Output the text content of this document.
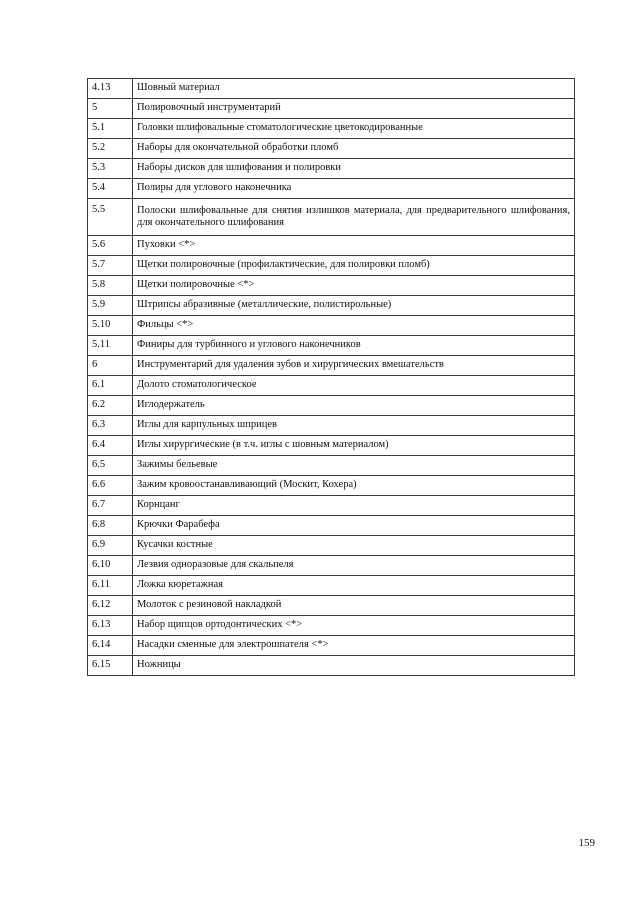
4.13	Шовный материал
5	Полировочный инструментарий
5.1	Головки шлифовальные стоматологические цветокодированные
5.2	Наборы для окончательной обработки пломб
5.3	Наборы дисков для шлифования и полировки
5.4	Полиры для углового наконечника
5.5	Полоски шлифовальные для снятия излишков материала, для предварительного шлифования, для окончательного шлифования
5.6	Пуховки <*>
5.7	Щетки полировочные (профилактические, для полировки пломб)
5.8	Щетки полировочные <*>
5.9	Штрипсы абразивные (металлические, полистирольные)
5.10	Фильцы <*>
5.11	Финиры для турбинного и углового наконечников
6	Инструментарий для удаления зубов и хирургических вмешательств
6.1	Долото стоматологическое
6.2	Иглодержатель
6.3	Иглы для карпульных шприцев
6.4	Иглы хирургические (в т.ч. иглы с шовным материалом)
6.5	Зажимы бельевые
6.6	Зажим кровоостанавливающий (Москит, Кохера)
6.7	Корнцанг
6.8	Крючки Фарабефа
6.9	Кусачки костные
6.10	Лезвия одноразовые для скальпеля
6.11	Ложка кюретажная
6.12	Молоток с резиновой накладкой
6.13	Набор щипцов ортодонтических <*>
6.14	Насадки сменные для электрошпателя <*>
6.15	Ножницы
159
